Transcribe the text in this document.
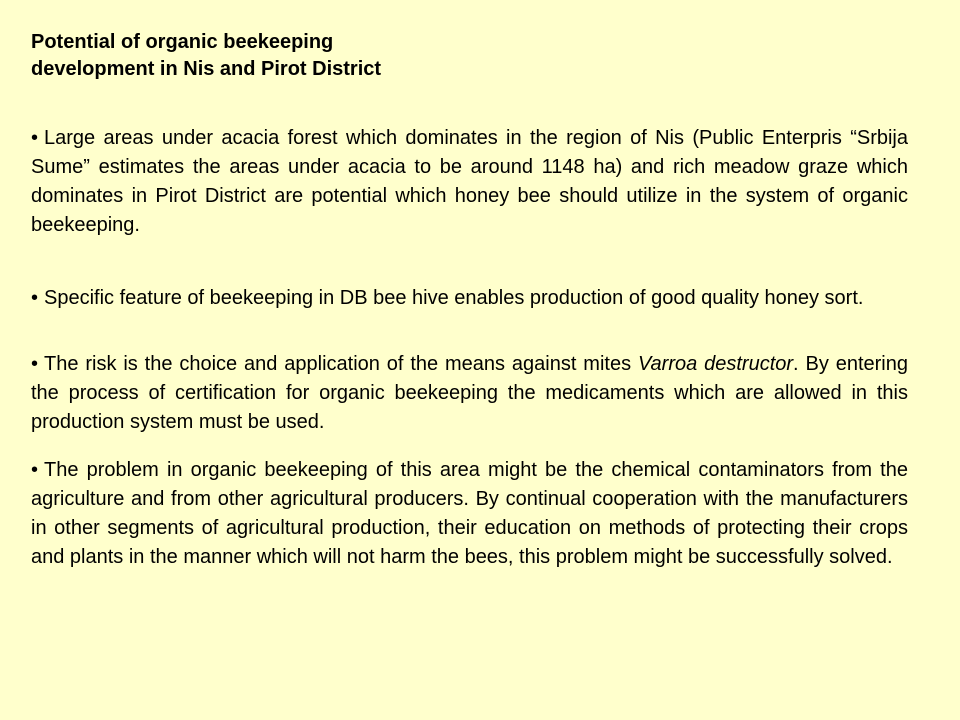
Potential of organic beekeeping
development in Nis and Pirot District
• Large areas under acacia forest which dominates in the region of Nis (Public Enterpris “Srbija Sume” estimates the areas under acacia to be around 1148 ha) and rich meadow graze which dominates in Pirot District are potential which honey bee should utilize in the system of organic beekeeping.
• Specific feature of beekeeping in DB bee hive enables production of good quality honey sort.
• The risk is the choice and application of the means against mites Varroa destructor. By entering the process of certification for organic beekeeping the medicaments which are allowed in this production system must be used.
• The problem in organic beekeeping of this area might be the chemical contaminators from the agriculture and from other agricultural producers. By continual cooperation with the manufacturers in other segments of agricultural production, their education on methods of protecting their crops and plants in the manner which will not harm the bees, this problem might be successfully solved.
